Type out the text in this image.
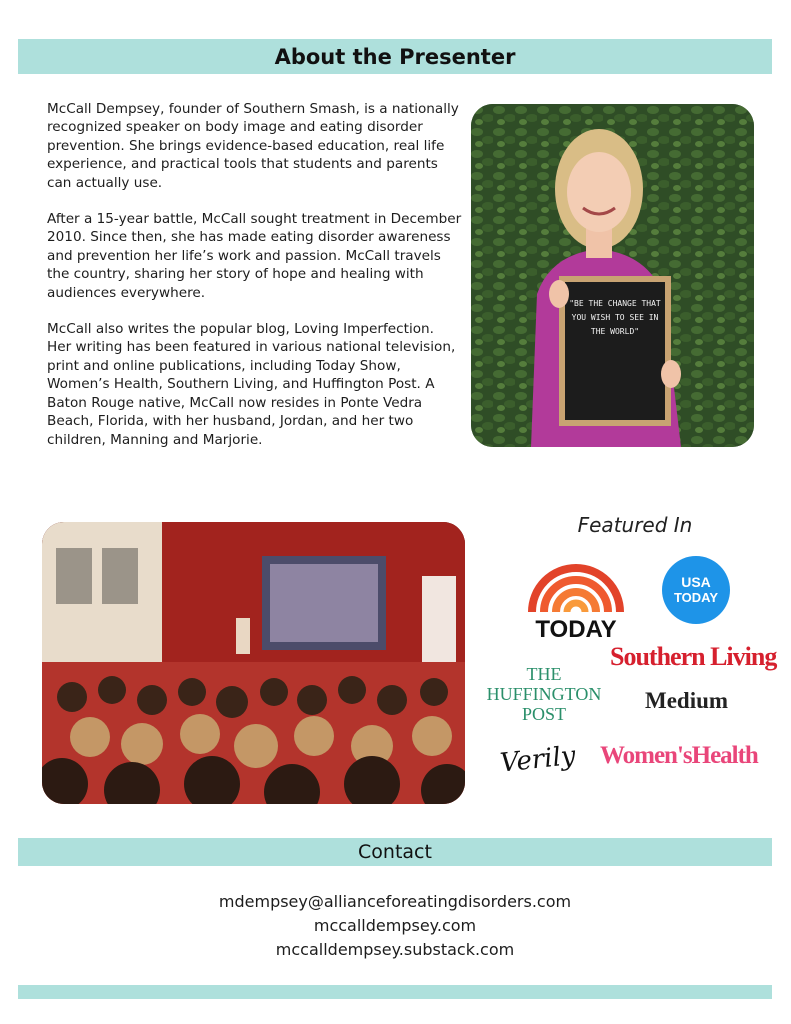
About the Presenter

McCall Dempsey, founder of Southern Smash, is a nationally recognized speaker on body image and eating disorder prevention. She brings evidence-based education, real life experience, and practical tools that students and parents can actually use.

After a 15-year battle, McCall sought treatment in December 2010. Since then, she has made eating disorder awareness and prevention her life’s work and passion. McCall travels the country, sharing her story of hope and healing with audiences everywhere.

McCall also writes the popular blog, Loving Imperfection. Her writing has been featured in various national television, print and online publications, including Today Show, Women’s Health, Southern Living, and Huffington Post. A Baton Rouge native, McCall now resides in Ponte Vedra Beach, Florida, with her husband, Jordan, and her two children, Manning and Marjorie.

"BE THE CHANGE THAT
YOU WISH TO SEE IN
THE WORLD"
Featured In
TODAY
USA
TODAY
Southern Living
THE
HUFFINGTON
POST
Medium
Verily Women'sHealth
Contact
mdempsey@allianceforeatingdisorders.com
mccalldempsey.com
mccalldempsey.substack.com
